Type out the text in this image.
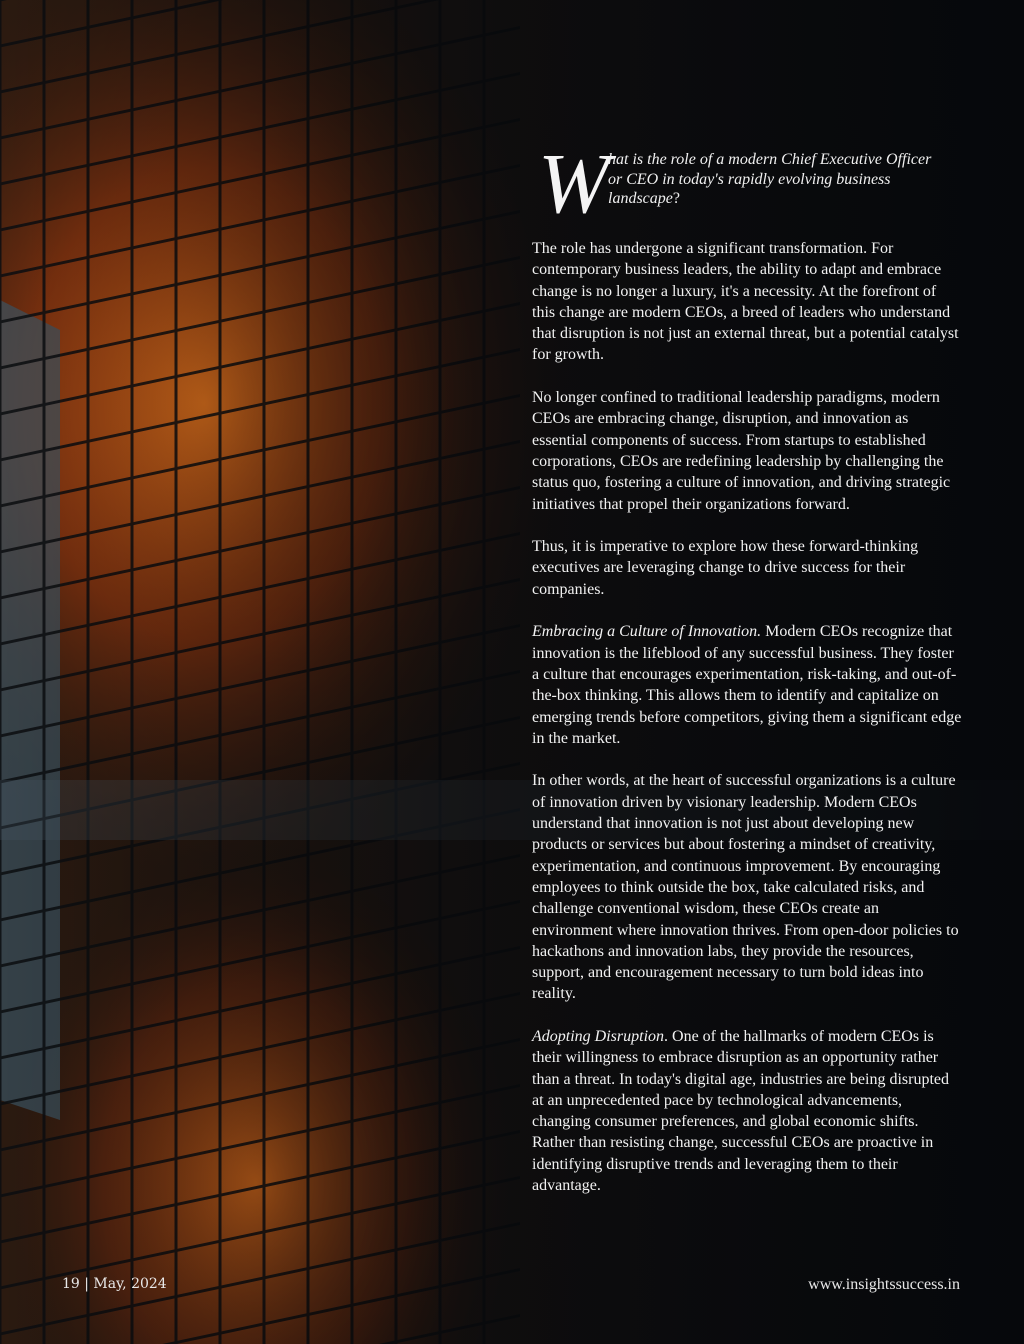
W
hat is the role of a modern Chief Executive Officer or CEO in today's rapidly evolving business landscape?

The role has undergone a significant transformation. For contemporary business leaders, the ability to adapt and embrace change is no longer a luxury, it's a necessity. At the forefront of this change are modern CEOs, a breed of leaders who understand that disruption is not just an external threat, but a potential catalyst for growth.

No longer confined to traditional leadership paradigms, modern CEOs are embracing change, disruption, and innovation as essential components of success. From startups to established corporations, CEOs are redefining leadership by challenging the status quo, fostering a culture of innovation, and driving strategic initiatives that propel their organizations forward.

Thus, it is imperative to explore how these forward-thinking executives are leveraging change to drive success for their companies.

Embracing a Culture of Innovation. Modern CEOs recognize that innovation is the lifeblood of any successful business. They foster a culture that encourages experimentation, risk-taking, and out-of-the-box thinking. This allows them to identify and capitalize on emerging trends before competitors, giving them a significant edge in the market.

In other words, at the heart of successful organizations is a culture of innovation driven by visionary leadership. Modern CEOs understand that innovation is not just about developing new products or services but about fostering a mindset of creativity, experimentation, and continuous improvement. By encouraging employees to think outside the box, take calculated risks, and challenge conventional wisdom, these CEOs create an environment where innovation thrives. From open-door policies to hackathons and innovation labs, they provide the resources, support, and encouragement necessary to turn bold ideas into reality.

Adopting Disruption. One of the hallmarks of modern CEOs is their willingness to embrace disruption as an opportunity rather than a threat. In today's digital age, industries are being disrupted at an unprecedented pace by technological advancements, changing consumer preferences, and global economic shifts. Rather than resisting change, successful CEOs are proactive in identifying disruptive trends and leveraging them to their advantage.

19 | May, 2024	www.insightssuccess.in
